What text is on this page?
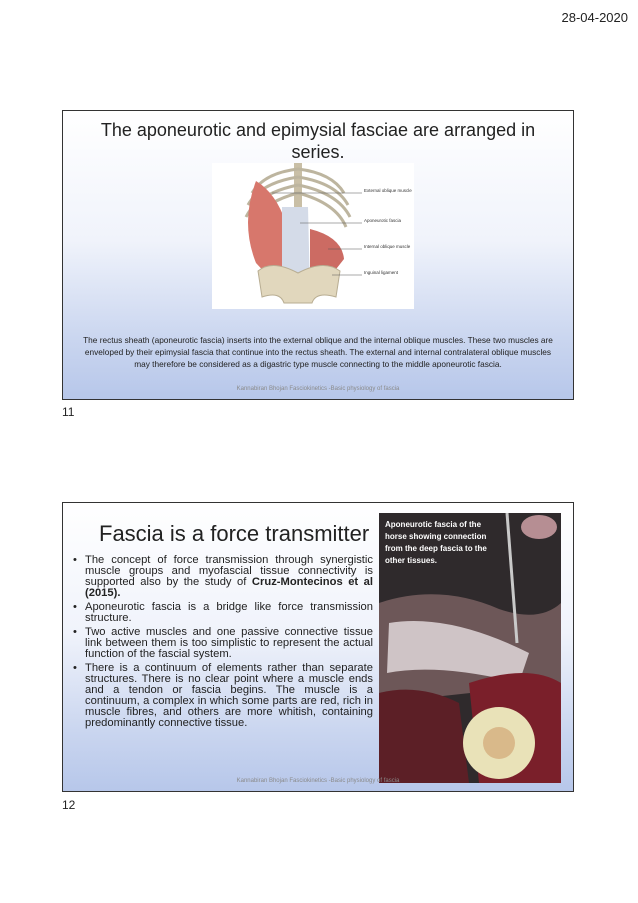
28-04-2020
The aponeurotic and epimysial fasciae are arranged in series.
External oblique muscle
Aponeurotic fascia
Internal oblique muscle
Inguinal ligament
The rectus sheath (aponeurotic fascia) inserts into the external oblique and the internal oblique muscles. These two muscles are enveloped by their epimysial fascia that continue into the rectus sheath. The external and internal contralateral oblique muscles may therefore be considered as a digastric type muscle connecting to the middle aponeurotic fascia.
Kannabiran Bhojan Fasciokinetics -Basic physiology of fascia
11
Fascia is a force transmitter
• The concept of force transmission through synergistic muscle groups and myofascial tissue connectivity is supported also by the study of Cruz-Montecinos et al (2015).
• Aponeurotic fascia is a bridge like force transmission structure.
• Two active muscles and one passive connective tissue link between them is too simplistic to represent the actual function of the fascial system.
• There is a continuum of elements rather than separate structures. There is no clear point where a muscle ends and a tendon or fascia begins. The muscle is a continuum, a complex in which some parts are red, rich in muscle fibres, and others are more whitish, containing predominantly connective tissue.
Aponeurotic fascia of the horse showing connection from the deep fascia to the other tissues.
Kannabiran Bhojan Fasciokinetics -Basic physiology of fascia
12
